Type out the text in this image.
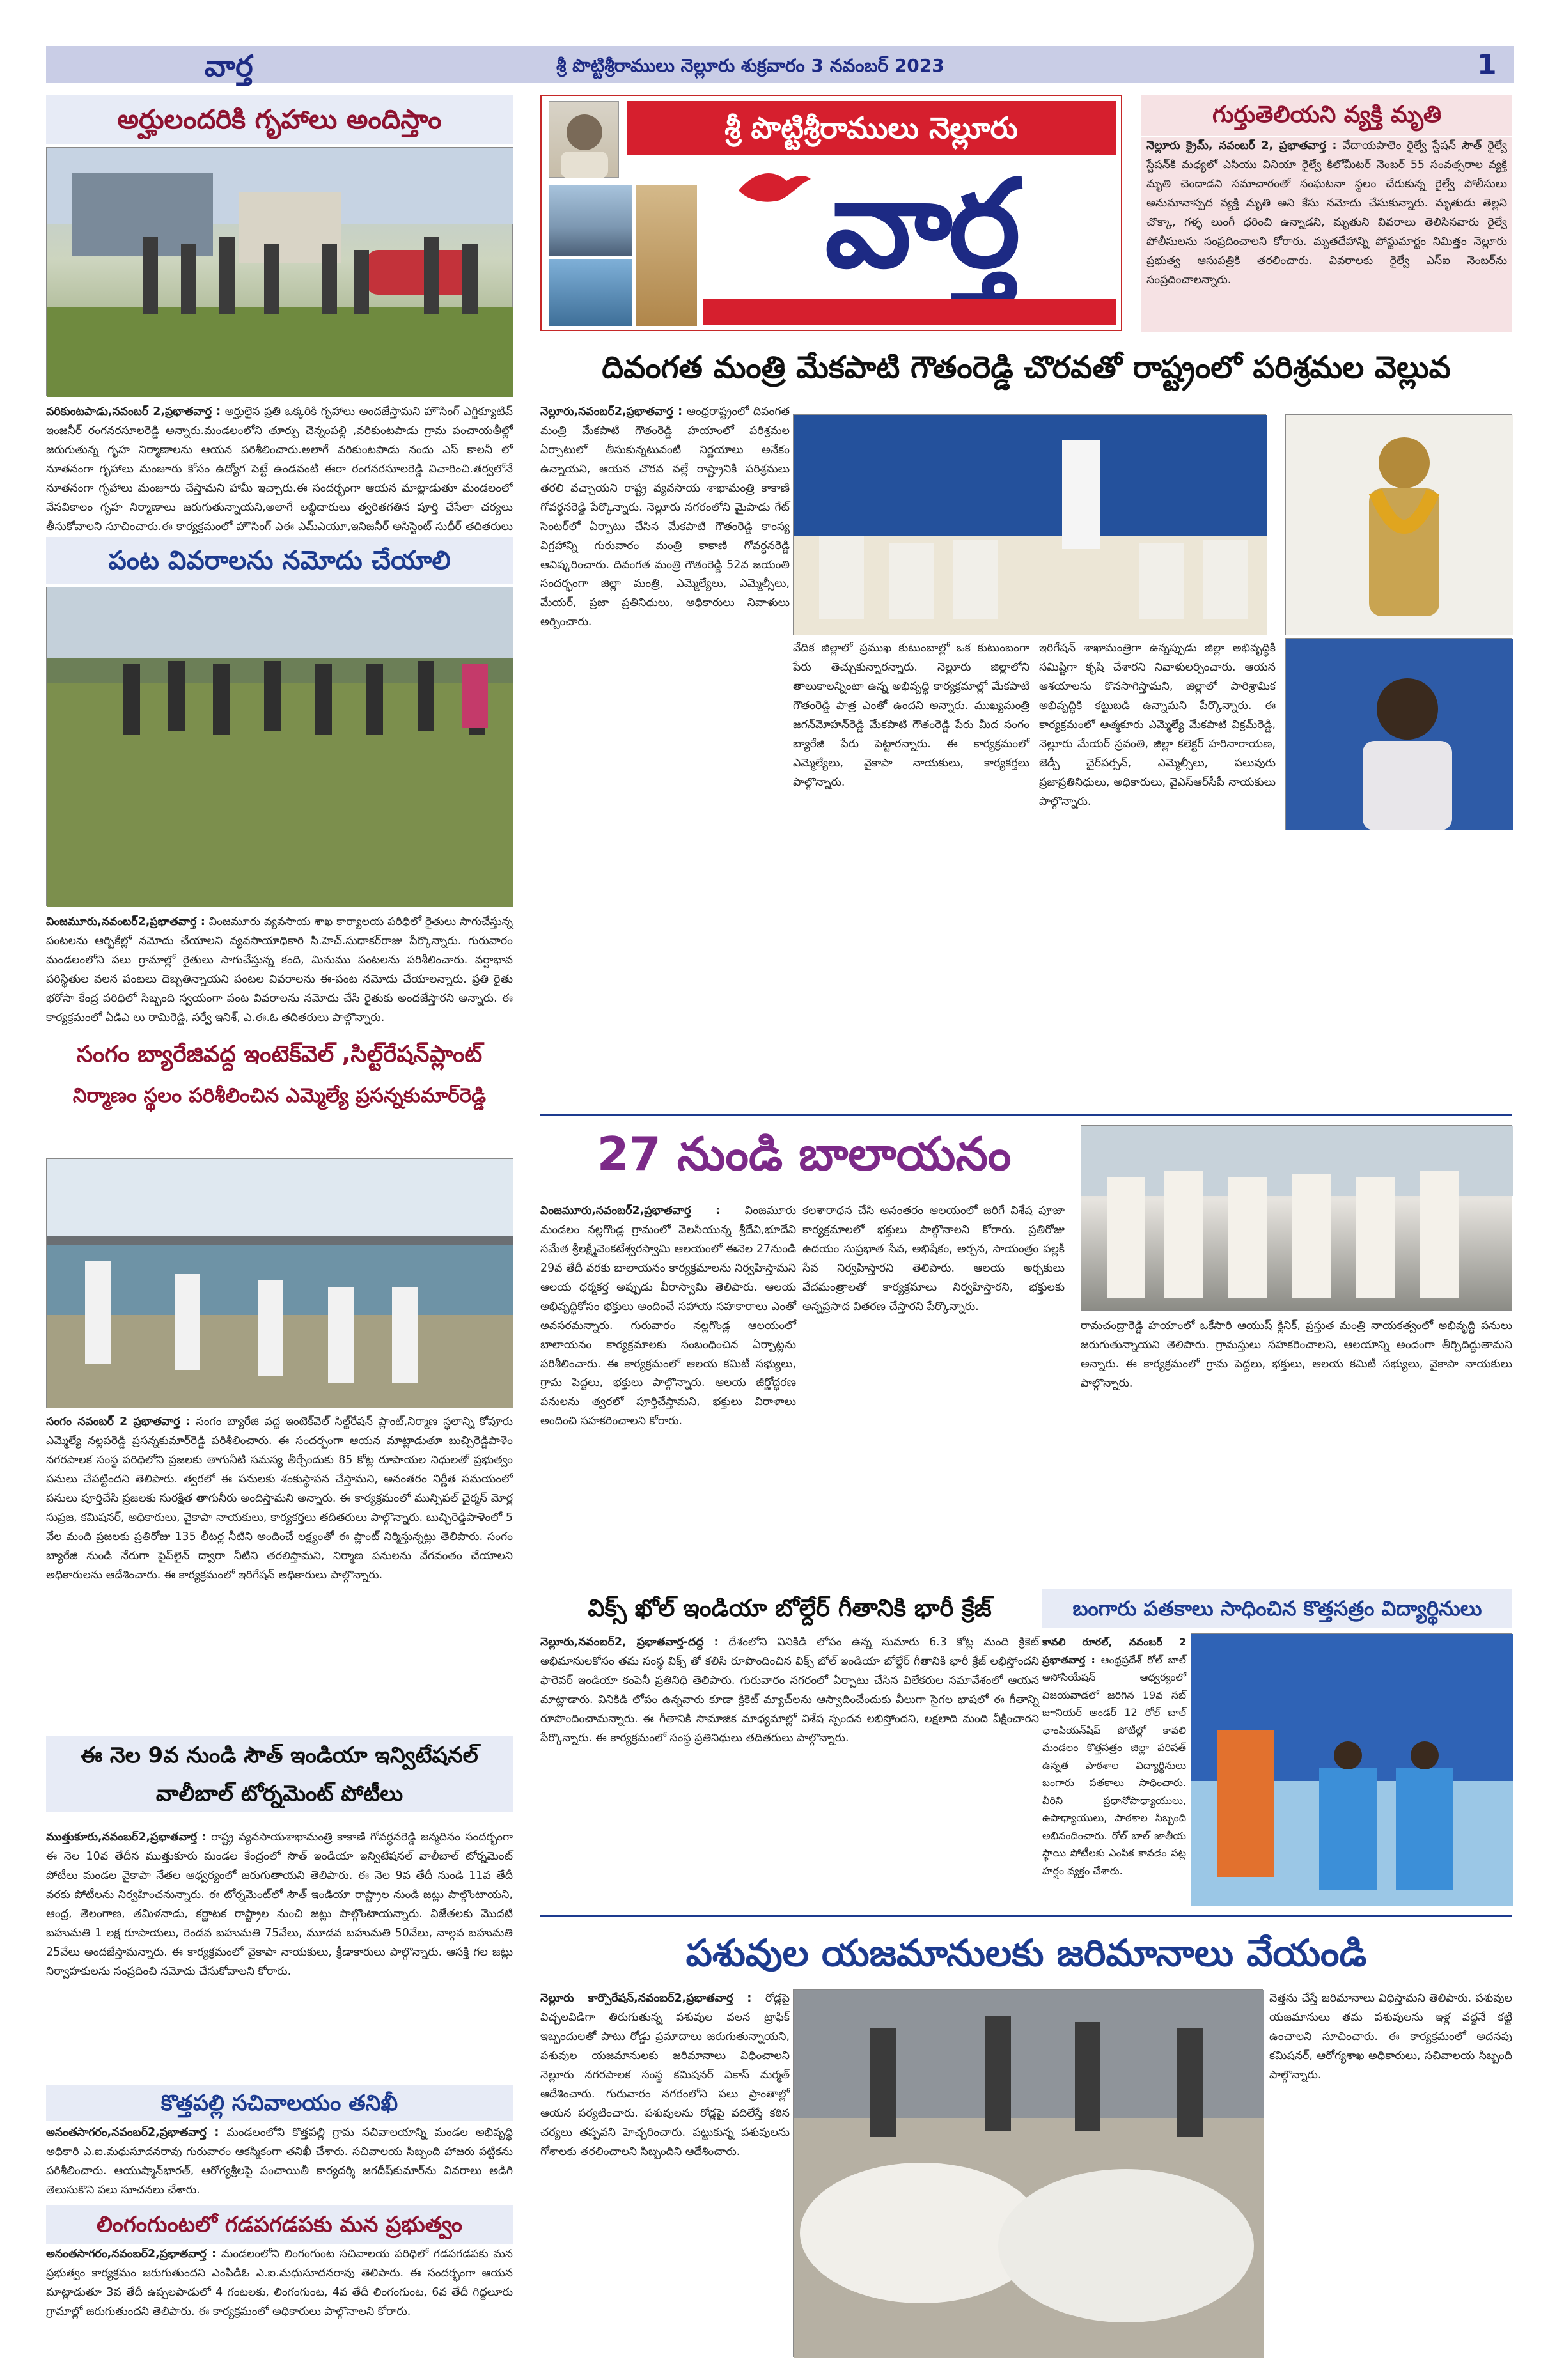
వార్త	శ్రీ పొట్టిశ్రీరాములు నెల్లూరు శుక్రవారం 3 నవంబర్ 2023	1
అర్హులందరికి గృహాలు అందిస్తాం
వరికుంటపాడు,నవంబర్ 2,ప్రభాతవార్త : అర్హులైన ప్రతి ఒక్కరికి గృహాలు అందజేస్తామని హౌసింగ్ ఎగ్జిక్యూటివ్ ఇంజనీర్ రంగనరసూలరెడ్డి అన్నారు.మండలంలోని తూర్పు చెన్నంపల్లి ,వరికుంటపాడు గ్రామ పంచాయతీల్లో జరుగుతున్న గృహ నిర్మాణాలను ఆయన పరిశీలించారు.అలాగే వరికుంటపాడు నందు ఎస్ కాలనీ లో నూతనంగా గృహాలు మంజూరు కోసం ఉద్యోగ పెట్టే ఉండవంటి ఈరా రంగనరసూలరెడ్డి విచారించి.తర్వలోనే నూతనంగా గృహాలు మంజూరు చేస్తామని హామీ ఇచ్చారు.ఈ సందర్భంగా ఆయన మాట్లాడుతూ మండలంలో వేసవికాలం గృహ నిర్మాణాలు జరుగుతున్నాయని,అలాగే లబ్ధిదారులు త్వరితగతిన పూర్తి చేసేలా చర్యలు తీసుకోవాలని సూచించారు.ఈ కార్యక్రమంలో హౌసింగ్ ఎఈ ఎమ్ఎయూ,ఇనిజనీర్ అసిస్టెంట్ సుధీర్ తదితరులు
పంట వివరాలను నమోదు చేయాలి
వింజమూరు,నవంబర్2,ప్రభాతవార్త : వింజమూరు వ్యవసాయ శాఖ కార్యాలయ పరిధిలో రైతులు సాగుచేస్తున్న పంటలను ఆర్బికేల్లో నమోదు చేయాలని వ్యవసాయాధికారి సి.హెచ్.సుధాకర్‌రాజు పేర్కొన్నారు. గురువారం మండలంలోని పలు గ్రామాల్లో రైతులు సాగుచేస్తున్న కంది, మినుము పంటలను పరిశీలించారు. వర్షాభావ పరిస్థితుల వలన పంటలు దెబ్బతిన్నాయని పంటల వివరాలను ఈ-పంట నమోదు చేయాలన్నారు. ప్రతి రైతు భరోసా కేంద్ర పరిధిలో సిబ్బంది స్వయంగా పంట వివరాలను నమోదు చేసి రైతుకు అందజేస్తారని అన్నారు. ఈ కార్యక్రమంలో ఏడిఎ లు రామిరెడ్డి, సర్వే ఇనిశ్, ఎ.ఈ.ఓ తదితరులు పాల్గొన్నారు.
సంగం బ్యారేజివద్ద ఇంటెక్‌వెల్ ,సిల్ట్‌రేషన్‌ప్లాంట్
నిర్మాణం స్థలం పరిశీలించిన ఎమ్మెల్యే ప్రసన్నకుమార్‌రెడ్డి
సంగం నవంబర్ 2 ప్రభాతవార్త : సంగం బ్యారేజి వద్ద ఇంటెక్‌వెల్ సిల్ట్‌రేషన్ ప్లాంట్,నిర్మాణ స్థలాన్ని కోవూరు ఎమ్మెల్యే నల్లపరెడ్డి ప్రసన్నకుమార్‌రెడ్డి పరిశీలించారు. ఈ సందర్భంగా ఆయన మాట్లాడుతూ బుచ్చిరెడ్డిపాళెం నగరపాలక సంస్థ పరిధిలోని ప్రజలకు తాగునీటి సమస్య తీర్చేందుకు 85 కోట్ల రూపాయల నిధులతో ప్రభుత్వం పనులు చేపట్టిందని తెలిపారు. త్వరలో ఈ పనులకు శంకుస్థాపన చేస్తామని, అనంతరం నిర్ణీత సమయంలో పనులు పూర్తిచేసి ప్రజలకు సురక్షిత తాగునీరు అందిస్తామని అన్నారు. ఈ కార్యక్రమంలో మున్సిపల్ చైర్మన్ మోర్ల సుప్రజ, కమిషనర్, అధికారులు, వైకాపా నాయకులు, కార్యకర్తలు తదితరులు పాల్గొన్నారు. బుచ్చిరెడ్డిపాళెంలో 5 వేల మంది ప్రజలకు ప్రతిరోజు 135 లీటర్ల నీటిని అందించే లక్ష్యంతో ఈ ప్లాంట్ నిర్మిస్తున్నట్లు తెలిపారు. సంగం బ్యారేజి నుండి నేరుగా పైప్‌లైన్ ద్వారా నీటిని తరలిస్తామని, నిర్మాణ పనులను వేగవంతం చేయాలని అధికారులను ఆదేశించారు. ఈ కార్యక్రమంలో ఇరిగేషన్ అధికారులు పాల్గొన్నారు.
ఈ నెల 9వ నుండి సౌత్ ఇండియా ఇన్విటేషనల్
వాలీబాల్ టోర్నమెంట్ పోటీలు
ముత్తుకూరు,నవంబర్2,ప్రభాతవార్త : రాష్ట్ర వ్యవసాయశాఖామంత్రి కాకాణి గోవర్ధనరెడ్డి జన్మదినం సందర్భంగా ఈ నెల 10వ తేదీన ముత్తుకూరు మండల కేంద్రంలో సౌత్ ఇండియా ఇన్విటేషనల్ వాలీబాల్ టోర్నమెంట్ పోటీలు మండల వైకాపా నేతల ఆధ్వర్యంలో జరుగుతాయని తెలిపారు. ఈ నెల 9వ తేదీ నుండి 11వ తేదీ వరకు పోటీలను నిర్వహించనున్నారు. ఈ టోర్నమెంట్‌లో సౌత్ ఇండియా రాష్ట్రాల నుండి జట్లు పాల్గొంటాయని, ఆంధ్ర, తెలంగాణ, తమిళనాడు, కర్ణాటక రాష్ట్రాల నుంచి జట్లు పాల్గొంటాయన్నారు. విజేతలకు మొదటి బహుమతి 1 లక్ష రూపాయలు, రెండవ బహుమతి 75వేలు, మూడవ బహుమతి 50వేలు, నాల్గవ బహుమతి 25వేలు అందజేస్తామన్నారు. ఈ కార్యక్రమంలో వైకాపా నాయకులు, క్రీడాకారులు పాల్గొన్నారు. ఆసక్తి గల జట్లు నిర్వాహకులను సంప్రదించి నమోదు చేసుకోవాలని కోరారు.
కొత్తపల్లి సచివాలయం తనిఖీ
అనంతసాగరం,నవంబర్2,ప్రభాతవార్త : మండలంలోని కొత్తపల్లి గ్రామ సచివాలయాన్ని మండల అభివృద్ధి అధికారి ఎ.ఐ.మధుసూదనరావు గురువారం ఆకస్మికంగా తనిఖీ చేశారు. సచివాలయ సిబ్బంది హాజరు పట్టికను పరిశీలించారు. ఆయుష్మాన్‌భారత్, ఆరోగ్యశ్రీలపై పంచాయితీ కార్యదర్శి జగదీష్‌కుమార్‌ను వివరాలు అడిగి తెలుసుకొని పలు సూచనలు చేశారు.
లింగంగుంటలో గడపగడపకు మన ప్రభుత్వం
అనంతసాగరం,నవంబర్2,ప్రభాతవార్త : మండలంలోని లింగంగుంట సచివాలయ పరిధిలో గడపగడపకు మన ప్రభుత్వం కార్యక్రమం జరుగుతుందని ఎంపిడిఓ ఎ.ఐ.మధుసూదనరావు తెలిపారు. ఈ సందర్భంగా ఆయన మాట్లాడుతూ 3వ తేదీ ఉప్పలపాడులో 4 గంటలకు, లింగంగుంట, 4వ తేదీ లింగంగుంట, 6వ తేదీ గిద్దలూరు గ్రామాల్లో జరుగుతుందని తెలిపారు. ఈ కార్యక్రమంలో అధికారులు పాల్గొనాలని కోరారు.
శ్రీ పొట్టిశ్రీరాములు నెల్లూరు
వార్త
గుర్తుతెలియని వ్యక్తి మృతి
నెల్లూరు క్రైమ్, నవంబర్ 2, ప్రభాతవార్త : వేదాయపాలెం రైల్వే స్టేషన్ సౌత్ రైల్వే స్టేషన్‌కి మధ్యలో ఎసియు వినియా రైల్వే కిలోమీటర్ నెంబర్ 55 సంవత్సరాల వ్యక్తి మృతి చెందాడని సమాచారంతో సంఘటనా స్థలం చేరుకున్న రైల్వే పోలీసులు అనుమానాస్పద వ్యక్తి మృతి అని కేసు నమోదు చేసుకున్నారు. మృతుడు తెల్లని చొక్కా, గళ్ళ లుంగీ ధరించి ఉన్నాడని, మృతుని వివరాలు తెలిసినవారు రైల్వే పోలీసులను సంప్రదించాలని కోరారు. మృతదేహాన్ని పోస్టుమార్టం నిమిత్తం నెల్లూరు ప్రభుత్వ ఆసుపత్రికి తరలించారు. వివరాలకు రైల్వే ఎస్ఐ నెంబర్‌ను సంప్రదించాలన్నారు.
దివంగత మంత్రి మేకపాటి గౌతంరెడ్డి చొరవతో రాష్ట్రంలో పరిశ్రమల వెల్లువ
నెల్లూరు,నవంబర్2,ప్రభాతవార్త : ఆంధ్రరాష్ట్రంలో దివంగత మంత్రి మేకపాటి గౌతంరెడ్డి హయాంలో పరిశ్రమల ఏర్పాటులో తీసుకున్నటువంటి నిర్ణయాలు అనేకం ఉన్నాయని, ఆయన చొరవ వల్లే రాష్ట్రానికి పరిశ్రమలు తరలి వచ్చాయని రాష్ట్ర వ్యవసాయ శాఖామంత్రి కాకాణి గోవర్ధనరెడ్డి పేర్కొన్నారు. నెల్లూరు నగరంలోని మైపాడు గేట్ సెంటర్‌లో ఏర్పాటు చేసిన మేకపాటి గౌతంరెడ్డి కాంస్య విగ్రహాన్ని గురువారం మంత్రి కాకాణి గోవర్ధనరెడ్డి ఆవిష్కరించారు. దివంగత మంత్రి గౌతంరెడ్డి 52వ జయంతి సందర్భంగా జిల్లా మంత్రి, ఎమ్మెల్యేలు, ఎమ్మెల్సీలు, మేయర్, ప్రజా ప్రతినిధులు, అధికారులు నివాళులు అర్పించారు.
వేదిక జిల్లాలో ప్రముఖ కుటుంబాల్లో ఒక కుటుంబంగా పేరు తెచ్చుకున్నారన్నారు. నెల్లూరు జిల్లాలోని తాలుకాలన్నింటా ఉన్న అభివృద్ధి కార్యక్రమాల్లో మేకపాటి గౌతంరెడ్డి పాత్ర ఎంతో ఉందని అన్నారు. ముఖ్యమంత్రి జగన్‌మోహన్‌రెడ్డి మేకపాటి గౌతంరెడ్డి పేరు మీద సంగం బ్యారేజి పేరు పెట్టారన్నారు. ఈ కార్యక్రమంలో ఎమ్మెల్యేలు, వైకాపా నాయకులు, కార్యకర్తలు పాల్గొన్నారు.
ఇరిగేషన్ శాఖామంత్రిగా ఉన్నప్పుడు జిల్లా అభివృద్ధికి సమిష్టిగా కృషి చేశారని నివాళులర్పించారు. ఆయన ఆశయాలను కొనసాగిస్తామని, జిల్లాలో పారిశ్రామిక అభివృద్ధికి కట్టుబడి ఉన్నామని పేర్కొన్నారు. ఈ కార్యక్రమంలో ఆత్మకూరు ఎమ్మెల్యే మేకపాటి విక్రమ్‌రెడ్డి, నెల్లూరు మేయర్ స్రవంతి, జిల్లా కలెక్టర్ హరినారాయణ, జెడ్పీ చైర్‌పర్సన్, ఎమ్మెల్సీలు, పలువురు ప్రజాప్రతినిధులు, అధికారులు, వైఎస్ఆర్‌సీపీ నాయకులు పాల్గొన్నారు.
27 నుండి బాలాయనం
వింజమూరు,నవంబర్2,ప్రభాతవార్త : వింజమూరు మండలం నల్లగొండ్ల గ్రామంలో వెలసియున్న శ్రీదేవి,భూదేవి సమేత శ్రీలక్ష్మీవెంకటేశ్వరస్వామి ఆలయంలో ఈనెల 27నుండి 29వ తేదీ వరకు బాలాయనం కార్యక్రమాలను నిర్వహిస్తామని ఆలయ ధర్మకర్త అప్పుడు వీరాస్వామి తెలిపారు. ఆలయ అభివృద్ధికోసం భక్తులు అందించే సహాయ సహకారాలు ఎంతో అవసరమన్నారు. గురువారం నల్లగొండ్ల ఆలయంలో బాలాయనం కార్యక్రమాలకు సంబంధించిన ఏర్పాట్లను పరిశీలించారు. ఈ కార్యక్రమంలో ఆలయ కమిటీ సభ్యులు, గ్రామ పెద్దలు, భక్తులు పాల్గొన్నారు. ఆలయ జీర్ణోద్ధరణ పనులను త్వరలో పూర్తిచేస్తామని, భక్తులు విరాళాలు అందించి సహకరించాలని కోరారు.
కలశారాధన చేసి అనంతరం ఆలయంలో జరిగే విశేష పూజా కార్యక్రమాలలో భక్తులు పాల్గొనాలని కోరారు. ప్రతిరోజు ఉదయం సుప్రభాత సేవ, అభిషేకం, అర్చన, సాయంత్రం పల్లకీ సేవ నిర్వహిస్తారని తెలిపారు. ఆలయ అర్చకులు వేదమంత్రాలతో కార్యక్రమాలు నిర్వహిస్తారని, భక్తులకు అన్నప్రసాద వితరణ చేస్తారని పేర్కొన్నారు.
రామచంద్రారెడ్డి హయాంలో ఒకేసారి ఆయుష్ క్లినిక్, ప్రస్తుత మంత్రి నాయకత్వంలో అభివృద్ధి పనులు జరుగుతున్నాయని తెలిపారు. గ్రామస్తులు సహకరించాలని, ఆలయాన్ని అందంగా తీర్చిదిద్దుతామని అన్నారు. ఈ కార్యక్రమంలో గ్రామ పెద్దలు, భక్తులు, ఆలయ కమిటీ సభ్యులు, వైకాపా నాయకులు పాల్గొన్నారు.
విక్స్ ఖోల్ ఇండియా బోల్దేర్ గీతానికి భారీ క్రేజ్
నెల్లూరు,నవంబర్2, ప్రభాతవార్త-దద్ద : దేశంలోని వినికిడి లోపం ఉన్న సుమారు 6.3 కోట్ల మంది క్రికెట్ అభిమానులకోసం తమ సంస్థ విక్స్ తో కలిసి రూపొందించిన విక్స్ బోల్ ఇండియా బోల్దేర్ గీతానికి భారీ క్రేజ్ లభిస్తోందని ఫారెవర్ ఇండియా కంపెనీ ప్రతినిధి తెలిపారు. గురువారం నగరంలో ఏర్పాటు చేసిన విలేకరుల సమావేశంలో ఆయన మాట్లాడారు. వినికిడి లోపం ఉన్నవారు కూడా క్రికెట్ మ్యాచ్‌లను ఆస్వాదించేందుకు వీలుగా సైగల భాషలో ఈ గీతాన్ని రూపొందించామన్నారు. ఈ గీతానికి సామాజిక మాధ్యమాల్లో విశేష స్పందన లభిస్తోందని, లక్షలాది మంది వీక్షించారని పేర్కొన్నారు. ఈ కార్యక్రమంలో సంస్థ ప్రతినిధులు తదితరులు పాల్గొన్నారు.
బంగారు పతకాలు సాధించిన కొత్తసత్రం విద్యార్థినులు
కావలి రూరల్, నవంబర్ 2 ప్రభాతవార్త : ఆంధ్రప్రదేశ్ రోల్ బాల్ అసోసియేషన్ ఆధ్వర్యంలో విజయవాడలో జరిగిన 19వ సబ్ జూనియర్ అండర్ 12 రోల్ బాల్ ఛాంపియన్‌షిప్ పోటీల్లో కావలి మండలం కొత్తసత్రం జిల్లా పరిషత్ ఉన్నత పాఠశాల విద్యార్థినులు బంగారు పతకాలు సాధించారు. వీరిని ప్రధానోపాధ్యాయులు, ఉపాధ్యాయులు, పాఠశాల సిబ్బంది అభినందించారు. రోల్ బాల్ జాతీయ స్థాయి పోటీలకు ఎంపిక కావడం పట్ల హర్షం వ్యక్తం చేశారు.
పశువుల యజమానులకు జరిమానాలు వేయండి
నెల్లూరు కార్పొరేషన్,నవంబర్2,ప్రభాతవార్త : రోడ్లపై విచ్చలవిడిగా తిరుగుతున్న పశువుల వలన ట్రాఫిక్ ఇబ్బందులతో పాటు రోడ్డు ప్రమాదాలు జరుగుతున్నాయని, పశువుల యజమానులకు జరిమానాలు విధించాలని నెల్లూరు నగరపాలక సంస్థ కమిషనర్ వికాస్ మర్మత్ ఆదేశించారు. గురువారం నగరంలోని పలు ప్రాంతాల్లో ఆయన పర్యటించారు. పశువులను రోడ్లపై వదిలేస్తే కఠిన చర్యలు తప్పవని హెచ్చరించారు. పట్టుకున్న పశువులను గోశాలకు తరలించాలని సిబ్బందిని ఆదేశించారు.
వెత్తను చేస్తే జరిమానాలు విధిస్తామని తెలిపారు. పశువుల యజమానులు తమ పశువులను ఇళ్ల వద్దనే కట్టి ఉంచాలని సూచించారు. ఈ కార్యక్రమంలో అదనపు కమిషనర్, ఆరోగ్యశాఖ అధికారులు, సచివాలయ సిబ్బంది పాల్గొన్నారు.
